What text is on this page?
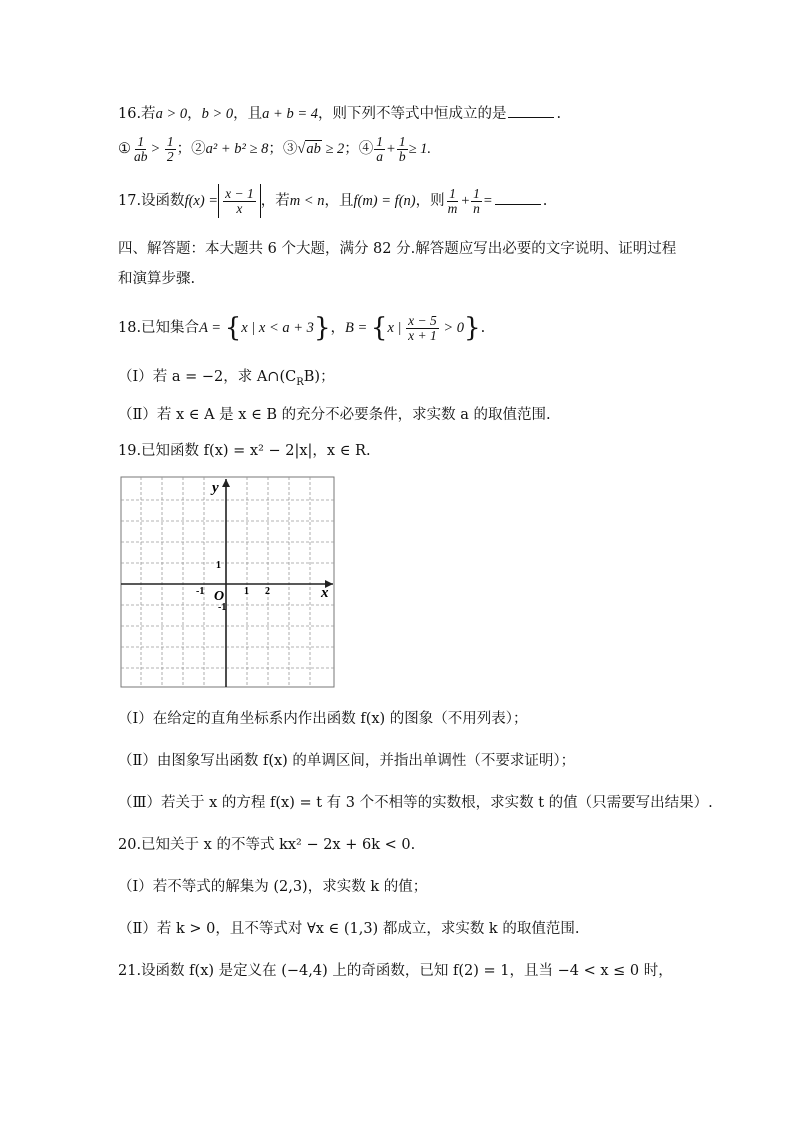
16.若a > 0，b > 0，且a + b = 4，则下列不等式中恒成立的是	.
① $\frac{1}{ab} > \frac{1}{2}$ ；②a² + b² ≥ 8；③√ab ≥ 2；④ $\frac{1}{a} + \frac{1}{b} \ge 1$.
17.设函数$f(x) = \frac{x - 1}{x}$ ，若m < n，且f(m) = f(n)，则 $\frac{1}{m} + \frac{1}{n}$ =	.
四、解答题：本大题共 6 个大题，满分 82 分.解答题应写出必要的文字说明、证明过程和演算步骤.
18.已知集合A = {x | x < a + 3}，B = {x | $\frac{x - 5}{x + 1} > 0$}.
（Ⅰ）若 a = −2，求 $A\cap(C_RB)$；
（Ⅱ）若 x ∈ A 是 x ∈ B 的充分不必要条件，求实数 a 的取值范围.
19.已知函数 f(x) = x² − 2|x|，x ∈ R.
y
x
O
-1	1 2
1
-1
（Ⅰ）在给定的直角坐标系内作出函数 f(x) 的图象（不用列表）；
（Ⅱ）由图象写出函数 f(x) 的单调区间，并指出单调性（不要求证明）；
（Ⅲ）若关于 x 的方程 f(x) = t 有 3 个不相等的实数根，求实数 t 的值（只需要写出结果）.
20.已知关于 x 的不等式 kx² − 2x + 6k < 0.
（Ⅰ）若不等式的解集为 (2,3)，求实数 k 的值；
（Ⅱ）若 k > 0，且不等式对 ∀x ∈ (1,3) 都成立，求实数 k 的取值范围.
21.设函数 f(x) 是定义在 (−4,4) 上的奇函数，已知 f(2) = 1，且当 −4 < x ≤ 0 时，
